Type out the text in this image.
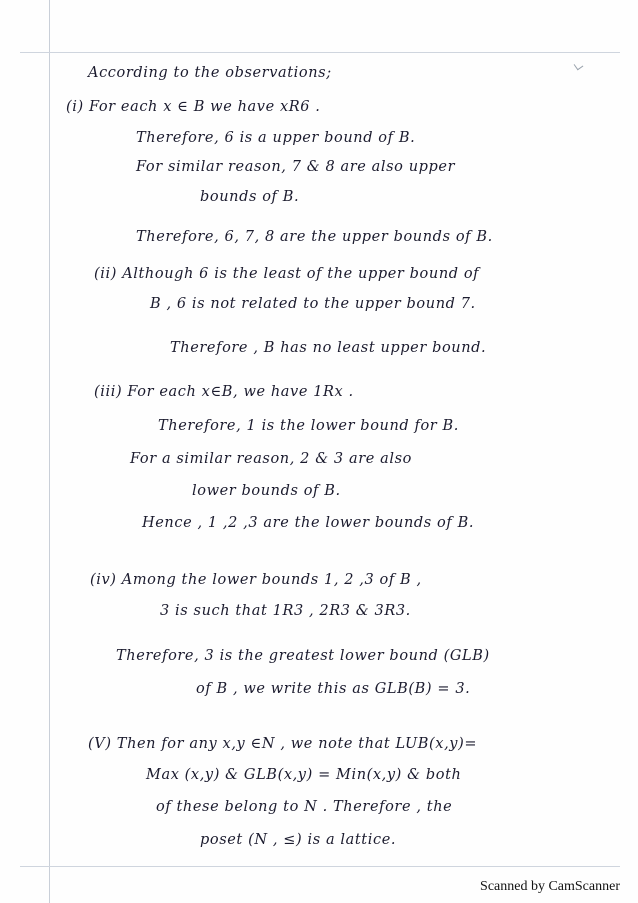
According to the observations;
(i) For each x ∈ B we have xR6 .
Therefore, 6 is a upper bound of B.
For similar reason, 7 & 8 are also upper
bounds of B.
Therefore, 6, 7, 8 are the upper bounds of B.
(ii) Although 6 is the least of the upper bound of
B , 6 is not related to the upper bound 7.
Therefore , B has no least upper bound.
(iii) For each x∈B, we have 1Rx .
Therefore, 1 is the lower bound for B.
For a similar reason, 2 & 3 are also
lower bounds of B.
Hence , 1 ,2 ,3 are the lower bounds of B.
(iv) Among the lower bounds 1, 2 ,3 of B ,
3 is such that 1R3 , 2R3 & 3R3.
Therefore, 3 is the greatest lower bound (GLB)
of B , we write this as GLB(B) = 3.
(V) Then for any x,y ∈N , we note that LUB(x,y)=
Max (x,y) & GLB(x,y) = Min(x,y) & both
of these belong to N . Therefore , the
poset (N , ≤) is a lattice.
Scanned by CamScanner
